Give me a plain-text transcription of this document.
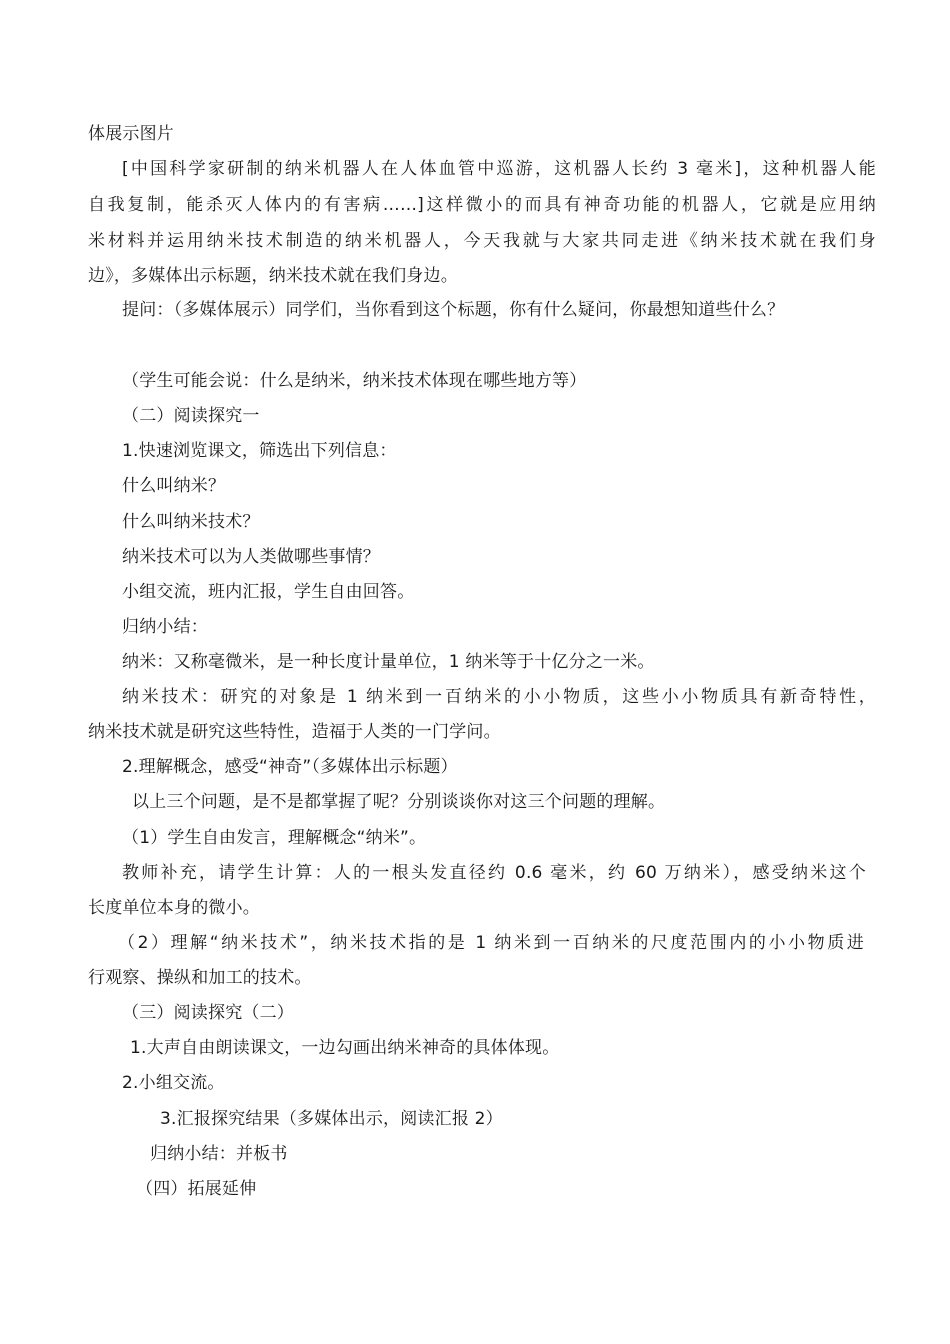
体展示图片
[中国科学家研制的纳米机器人在人体血管中巡游，这机器人长约 3 毫米]，这种机器人能
自我复制，能杀灭人体内的有害病……]这样微小的而具有神奇功能的机器人，它就是应用纳
米材料并运用纳米技术制造的纳米机器人，今天我就与大家共同走进《纳米技术就在我们身
边》，多媒体出示标题，纳米技术就在我们身边。
提问：（多媒体展示）同学们，当你看到这个标题，你有什么疑问，你最想知道些什么？
（学生可能会说：什么是纳米，纳米技术体现在哪些地方等）
（二）阅读探究一
1.快速浏览课文，筛选出下列信息：
什么叫纳米？
什么叫纳米技术？
纳米技术可以为人类做哪些事情？
小组交流，班内汇报，学生自由回答。
归纳小结：
纳米：又称毫微米，是一种长度计量单位，1 纳米等于十亿分之一米。
纳米技术：研究的对象是 1 纳米到一百纳米的小小物质，这些小小物质具有新奇特性，
纳米技术就是研究这些特性，造福于人类的一门学问。
2.理解概念，感受“神奇”（多媒体出示标题）
以上三个问题，是不是都掌握了呢？分别谈谈你对这三个问题的理解。
（1）学生自由发言，理解概念“纳米”。
教师补充，请学生计算：人的一根头发直径约 0.6 毫米，约 60 万纳米），感受纳米这个
长度单位本身的微小。
（2）理解“纳米技术”，纳米技术指的是 1 纳米到一百纳米的尺度范围内的小小物质进
行观察、操纵和加工的技术。
（三）阅读探究（二）
1.大声自由朗读课文，一边勾画出纳米神奇的具体体现。
2.小组交流。
3.汇报探究结果（多媒体出示，阅读汇报 2）
归纳小结：并板书
（四）拓展延伸
